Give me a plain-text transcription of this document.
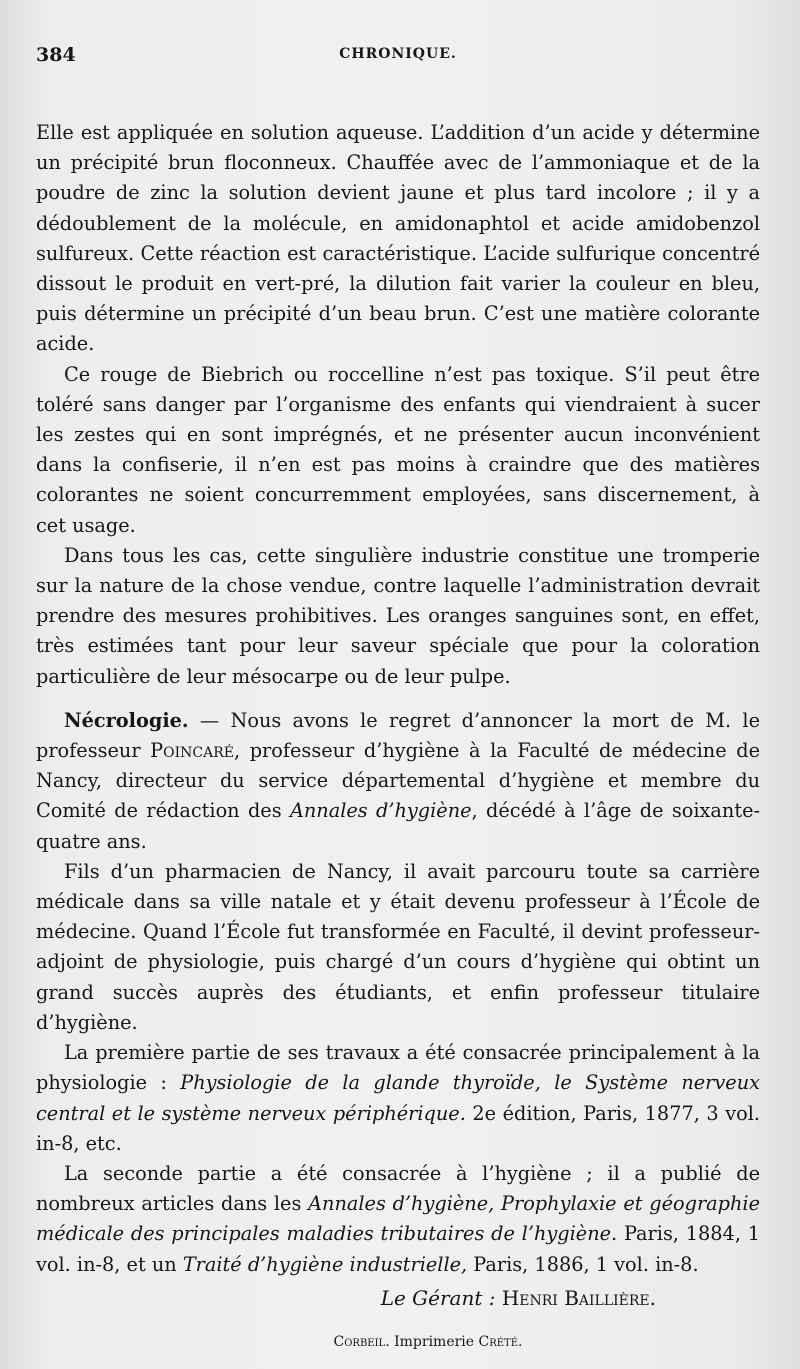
384	CHRONIQUE.

Elle est appliquée en solution aqueuse. L’addition d’un acide y détermine un précipité brun floconneux. Chauffée avec de l’ammoniaque et de la poudre de zinc la solution devient jaune et plus tard incolore ; il y a dédoublement de la molécule, en amidonaphtol et acide amidobenzol sulfureux. Cette réaction est caractéristique. L’acide sulfurique concentré dissout le produit en vert-pré, la dilution fait varier la couleur en bleu, puis détermine un précipité d’un beau brun. C’est une matière colorante acide.

Ce rouge de Biebrich ou roccelline n’est pas toxique. S’il peut être toléré sans danger par l’organisme des enfants qui viendraient à sucer les zestes qui en sont imprégnés, et ne présenter aucun inconvénient dans la confiserie, il n’en est pas moins à craindre que des matières colorantes ne soient concurremment employées, sans discernement, à cet usage.

Dans tous les cas, cette singulière industrie constitue une tromperie sur la nature de la chose vendue, contre laquelle l’administration devrait prendre des mesures prohibitives. Les oranges sanguines sont, en effet, très estimées tant pour leur saveur spéciale que pour la coloration particulière de leur mésocarpe ou de leur pulpe.

Nécrologie. — Nous avons le regret d’annoncer la mort de M. le professeur Poincaré, professeur d’hygiène à la Faculté de médecine de Nancy, directeur du service départemental d’hygiène et membre du Comité de rédaction des Annales d’hygiène, décédé à l’âge de soixante-quatre ans.

Fils d’un pharmacien de Nancy, il avait parcouru toute sa carrière médicale dans sa ville natale et y était devenu professeur à l’École de médecine. Quand l’École fut transformée en Faculté, il devint professeur-adjoint de physiologie, puis chargé d’un cours d’hygiène qui obtint un grand succès auprès des étudiants, et enfin professeur titulaire d’hygiène.

La première partie de ses travaux a été consacrée principalement à la physiologie : Physiologie de la glande thyroïde, le Système nerveux central et le système nerveux périphérique. 2e édition, Paris, 1877, 3 vol. in-8, etc.

La seconde partie a été consacrée à l’hygiène ; il a publié de nombreux articles dans les Annales d’hygiène, Prophylaxie et géographie médicale des principales maladies tributaires de l’hygiène. Paris, 1884, 1 vol. in-8, et un Traité d’hygiène industrielle, Paris, 1886, 1 vol. in-8.

Le Gérant : Henri Baillière.
Corbeil. Imprimerie Crété.
